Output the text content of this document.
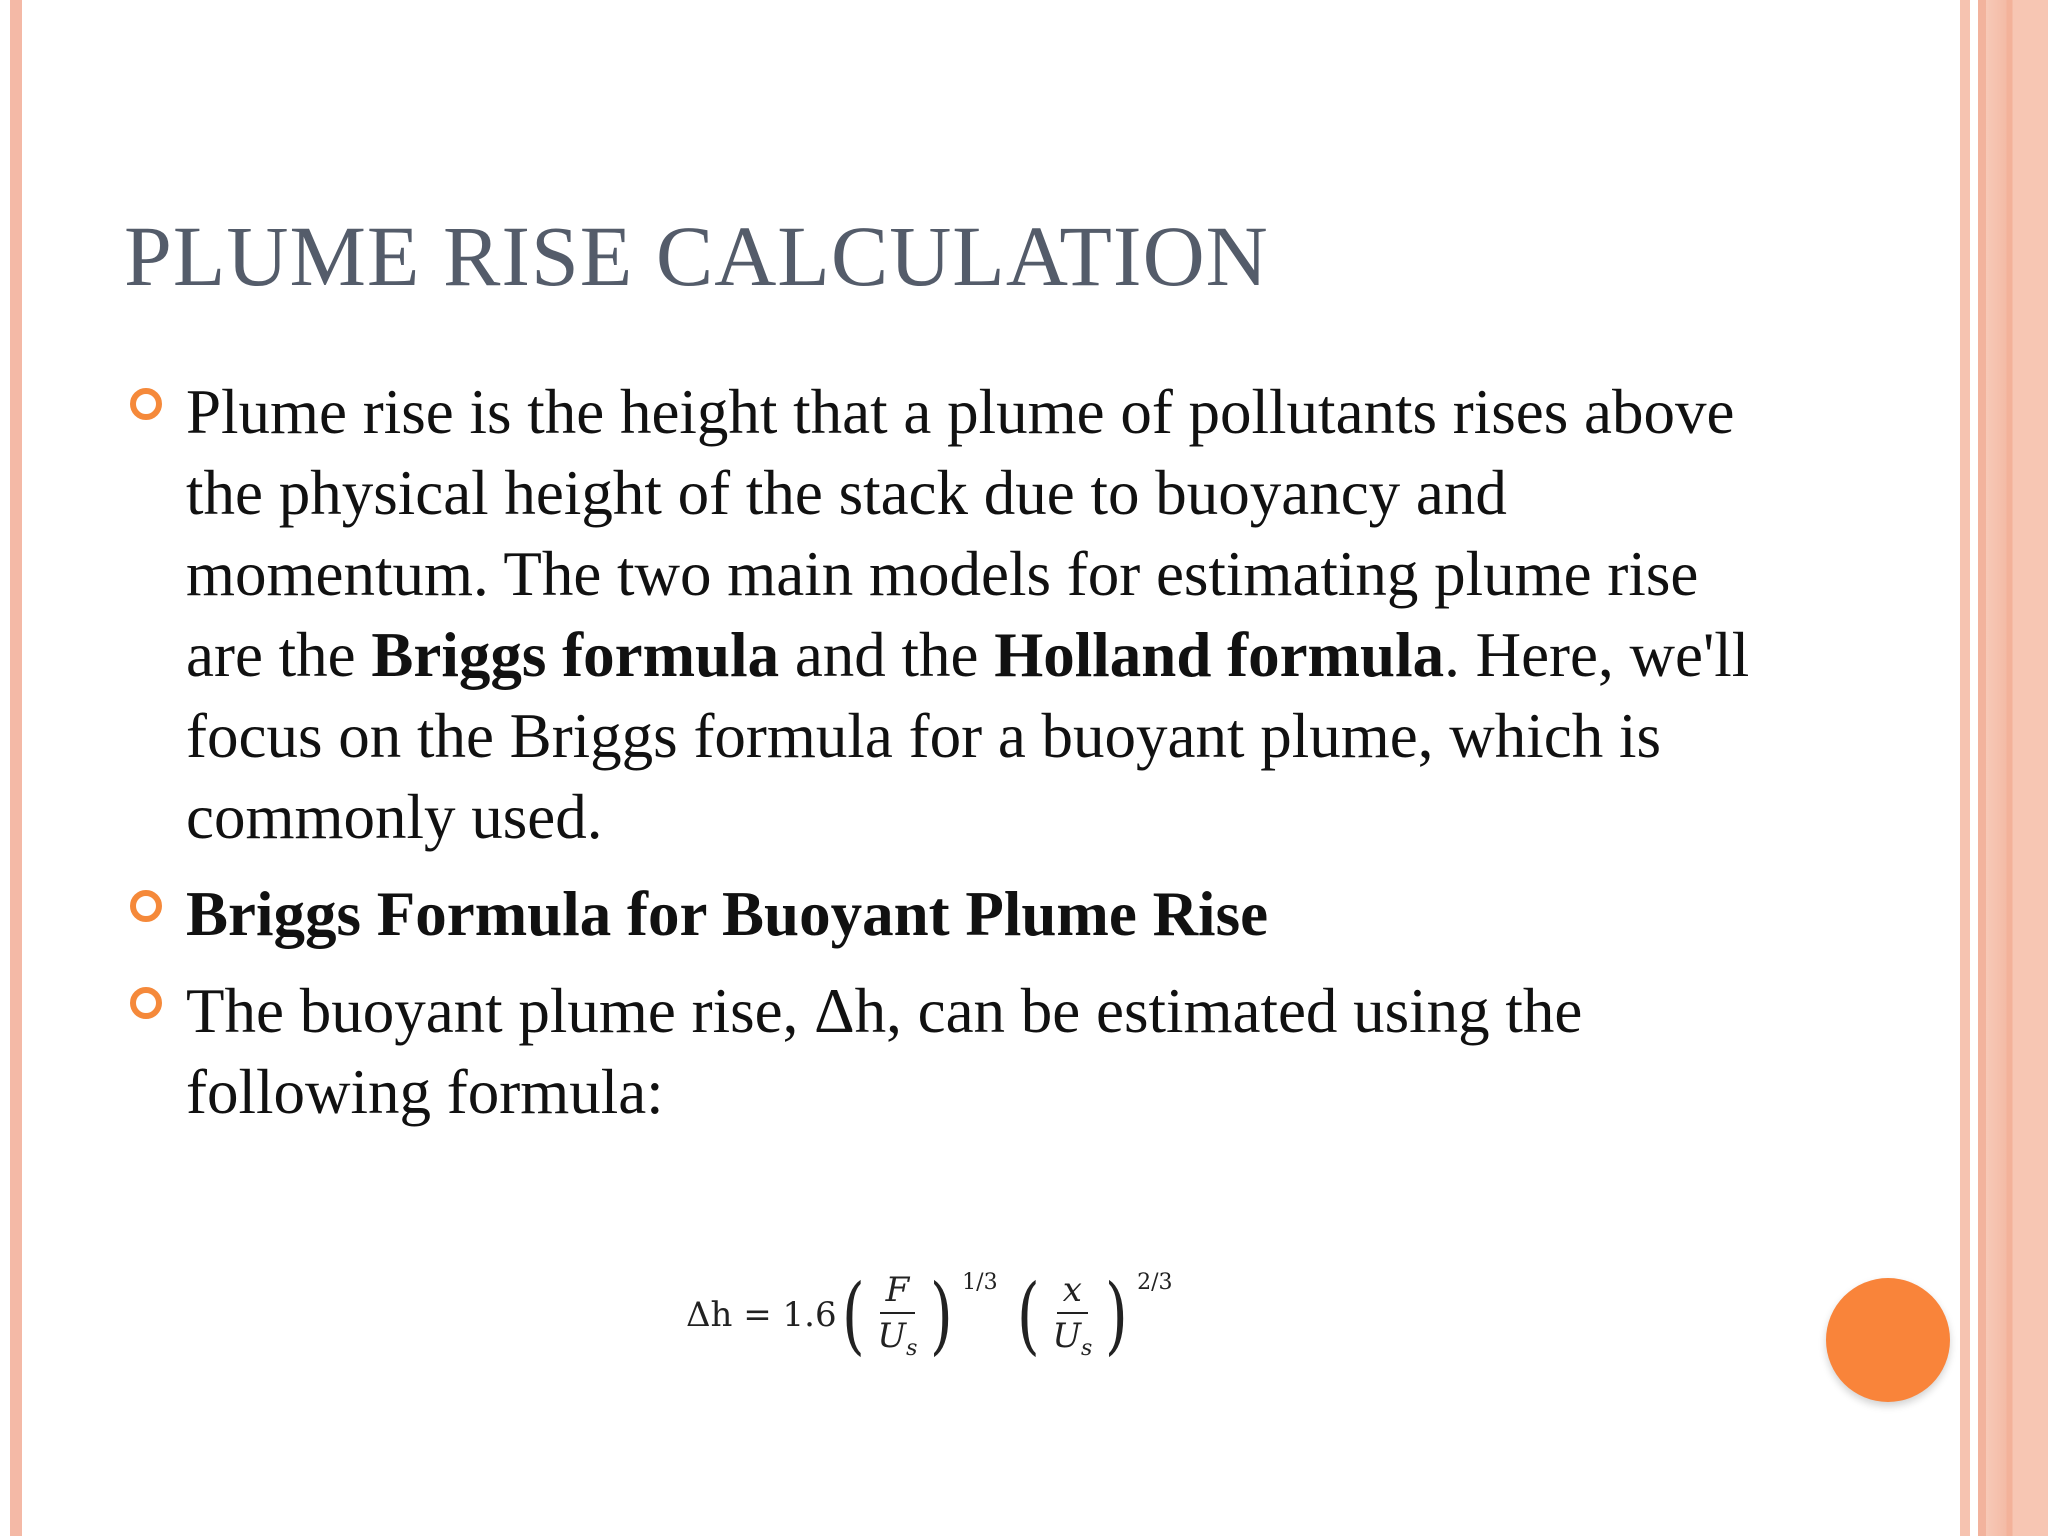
PLUME RISE CALCULATION
Plume rise is the height that a plume of pollutants rises above the physical height of the stack due to buoyancy and momentum. The two main models for estimating plume rise are the Briggs formula and the Holland formula. Here, we'll focus on the Briggs formula for a buoyant plume, which is commonly used.
Briggs Formula for Buoyant Plume Rise
The buoyant plume rise, Δh, can be estimated using the following formula:
Δh = 1.6 ( $\frac{F}{U_s}$ ) 1/3 ( $\frac{x}{U_s}$ ) 2/3
